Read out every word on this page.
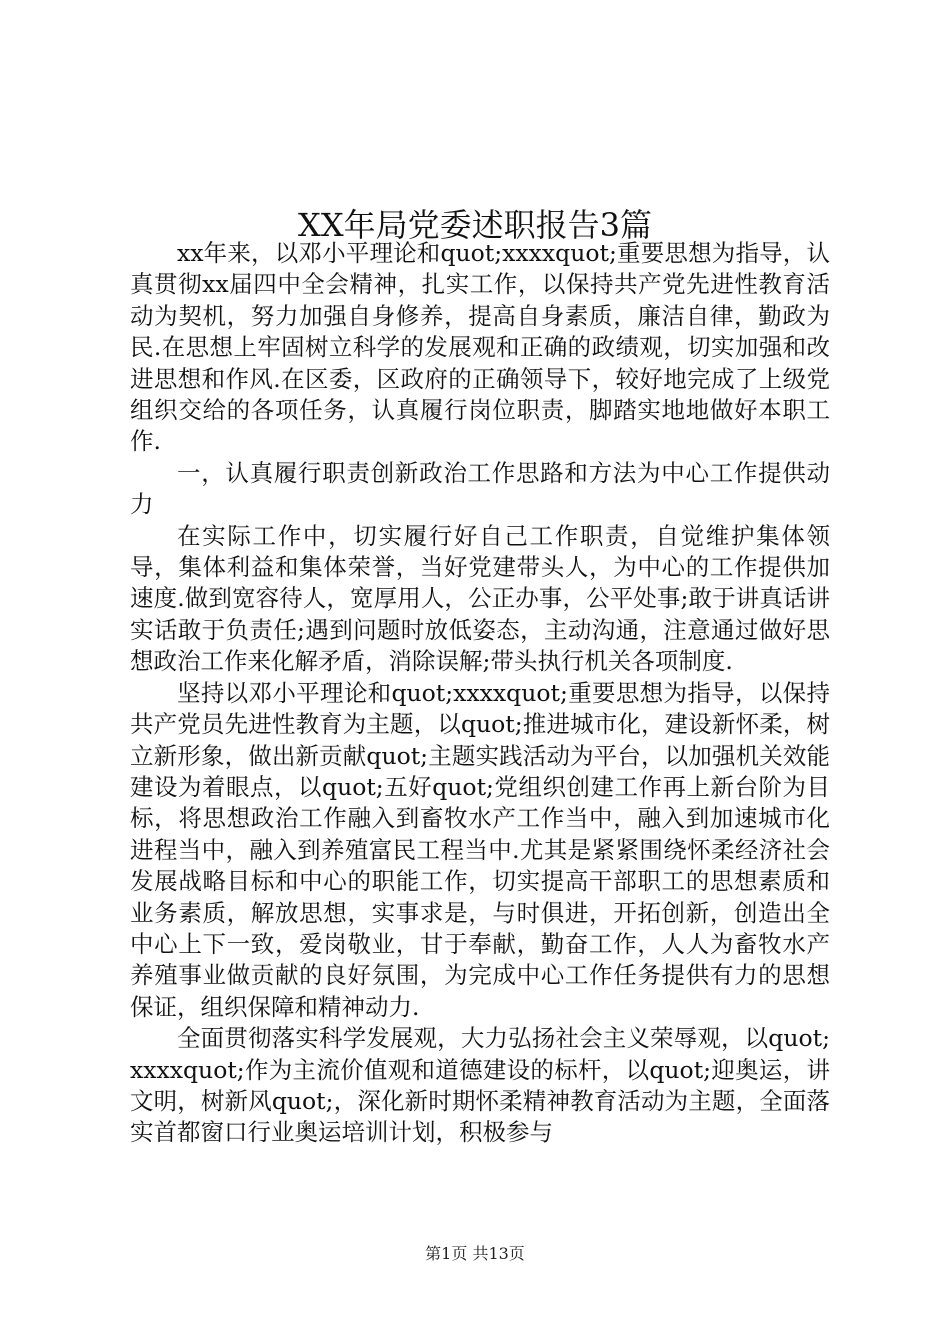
XX年局党委述职报告3篇

xx年来，以邓小平理论和quot;xxxxquot;重要思想为指导，认真贯彻xx届四中全会精神，扎实工作，以保持共产党先进性教育活动为契机，努力加强自身修养，提高自身素质，廉洁自律，勤政为民.在思想上牢固树立科学的发展观和正确的政绩观，切实加强和改进思想和作风.在区委，区政府的正确领导下，较好地完成了上级党组织交给的各项任务，认真履行岗位职责，脚踏实地地做好本职工作.

一，认真履行职责创新政治工作思路和方法为中心工作提供动力

在实际工作中，切实履行好自己工作职责，自觉维护集体领导，集体利益和集体荣誉，当好党建带头人，为中心的工作提供加速度.做到宽容待人，宽厚用人，公正办事，公平处事;敢于讲真话讲实话敢于负责任;遇到问题时放低姿态，主动沟通，注意通过做好思想政治工作来化解矛盾，消除误解;带头执行机关各项制度.

坚持以邓小平理论和quot;xxxxquot;重要思想为指导，以保持共产党员先进性教育为主题，以quot;推进城市化，建设新怀柔，树立新形象，做出新贡献quot;主题实践活动为平台，以加强机关效能建设为着眼点，以quot;五好quot;党组织创建工作再上新台阶为目标，将思想政治工作融入到畜牧水产工作当中，融入到加速城市化进程当中，融入到养殖富民工程当中.尤其是紧紧围绕怀柔经济社会发展战略目标和中心的职能工作，切实提高干部职工的思想素质和业务素质，解放思想，实事求是，与时俱进，开拓创新，创造出全中心上下一致，爱岗敬业，甘于奉献，勤奋工作，人人为畜牧水产养殖事业做贡献的良好氛围，为完成中心工作任务提供有力的思想保证，组织保障和精神动力.

全面贯彻落实科学发展观，大力弘扬社会主义荣辱观，以quot;xxxxquot;作为主流价值观和道德建设的标杆，以quot;迎奥运，讲文明，树新风quot;，深化新时期怀柔精神教育活动为主题，全面落实首都窗口行业奥运培训计划，积极参与

第1页 共13页
